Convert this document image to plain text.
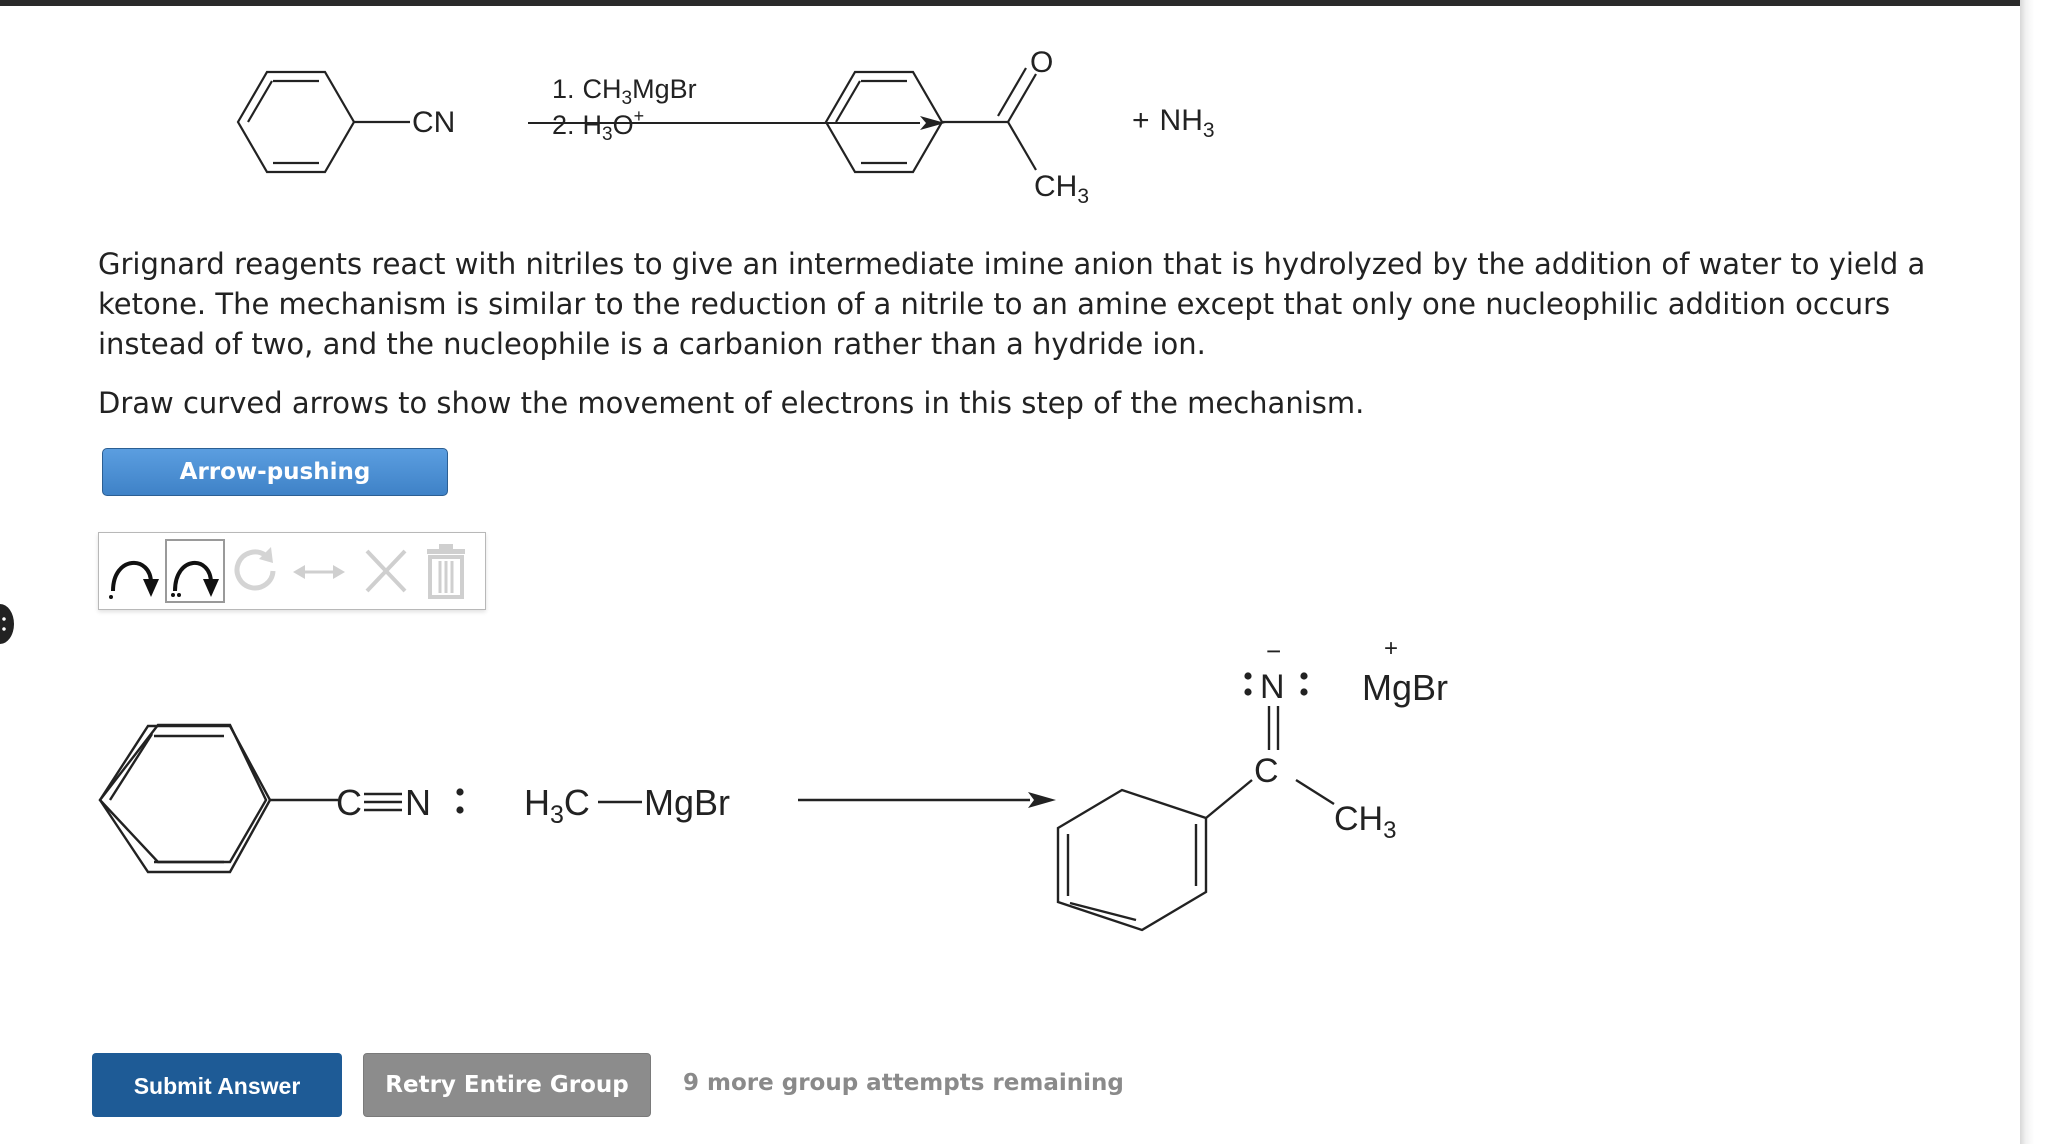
CN
1. $CH_3MgBr$
2. $H_3O^+$
O
$CH_3$
+ $NH_3$

Grignard reagents react with nitriles to give an intermediate imine anion that is hydrolyzed by the addition of water to yield a ketone. The mechanism is similar to the reduction of a nitrile to an amine except that only one nucleophilic addition occurs instead of two, and the nucleophile is a carbanion rather than a hydride ion.

Draw curved arrows to show the movement of electrons in this step of the mechanism.

Arrow-pushing Instructions
C N	$H_3C$ MgBr
C
N
−
$CH_3$
+
MgBr
Submit Answer	Retry Entire Group	9 more group attempts remaining
